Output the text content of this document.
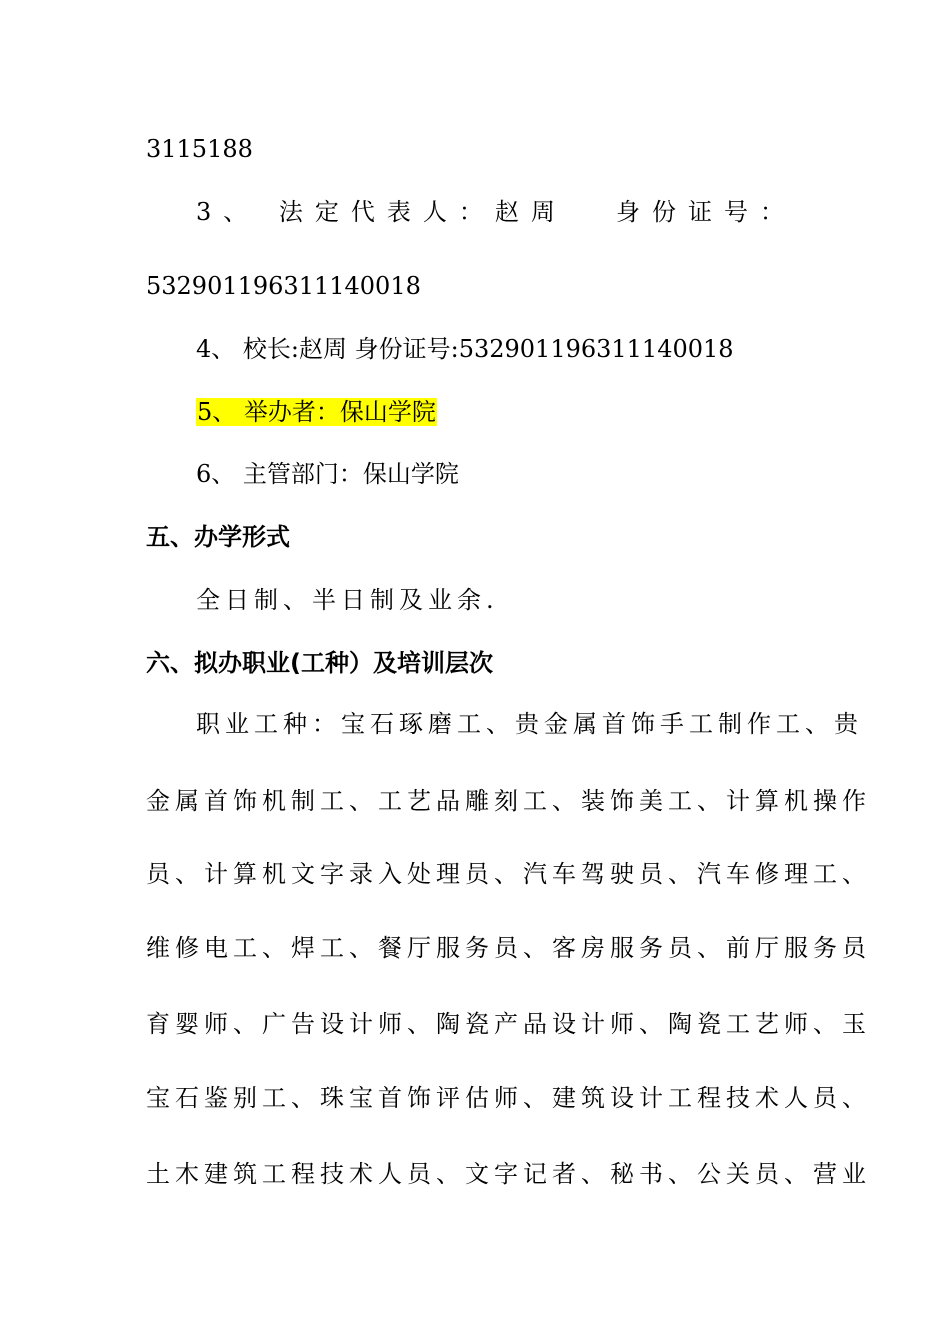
3115188
3、 法定代表人：赵周 身份证号：
532901196311140018
4、 校长:赵周 身份证号:532901196311140018
5、 举办者：保山学院
6、 主管部门：保山学院
五、办学形式
全日制、半日制及业余.
六、拟办职业(工种）及培训层次
职业工种：宝石琢磨工、贵金属首饰手工制作工、贵
金属首饰机制工、工艺品雕刻工、装饰美工、计算机操作
员、计算机文字录入处理员、汽车驾驶员、汽车修理工、
维修电工、焊工、餐厅服务员、客房服务员、前厅服务员
育婴师、广告设计师、陶瓷产品设计师、陶瓷工艺师、玉
宝石鉴别工、珠宝首饰评估师、建筑设计工程技术人员、
土木建筑工程技术人员、文字记者、秘书、公关员、营业
